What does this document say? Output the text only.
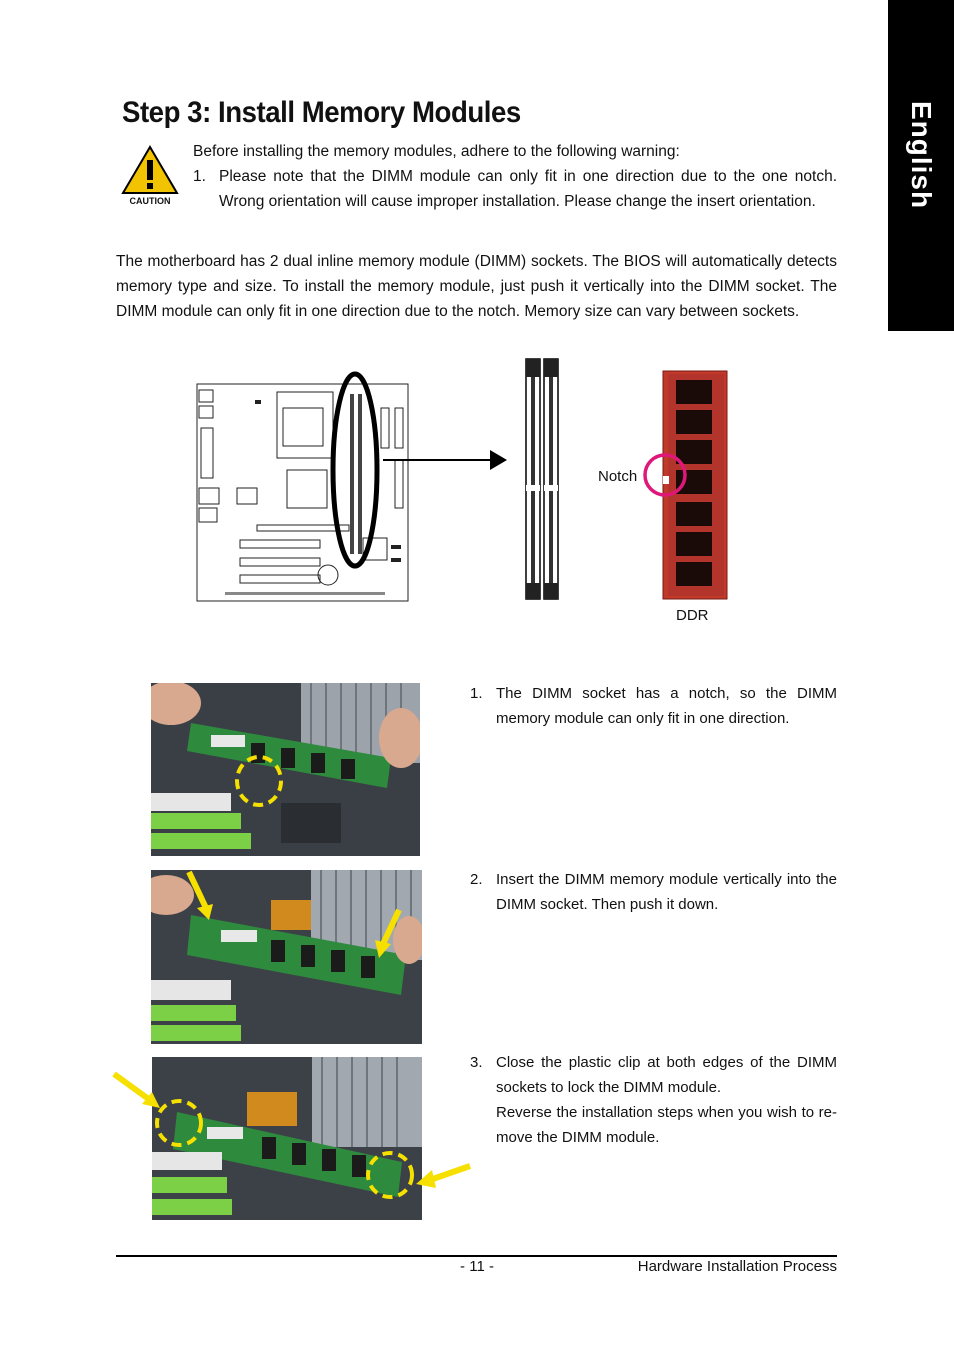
English
Step 3: Install Memory Modules
CAUTION
Before installing the memory modules, adhere to the following warning:
1. Please note that the DIMM module can only fit in one direction due to the one notch. Wrong orientation will cause improper installation. Please change the insert orientation.
The motherboard has 2 dual inline memory module (DIMM) sockets. The BIOS will automatically detects memory type and size. To install the memory module, just push it vertically into the DIMM socket. The DIMM module can only fit in one direction due to the notch. Memory size can vary between sockets.
Notch
DDR
1. The DIMM socket has a notch, so the DIMM memory module can only fit in one direction.
2. Insert the DIMM memory module vertically into the DIMM socket. Then push it down.
3. Close the plastic clip at both edges of the DIMM sockets to lock the DIMM module.
Reverse the installation steps when you wish to re-move the DIMM module.
- 11 -	Hardware Installation Process
